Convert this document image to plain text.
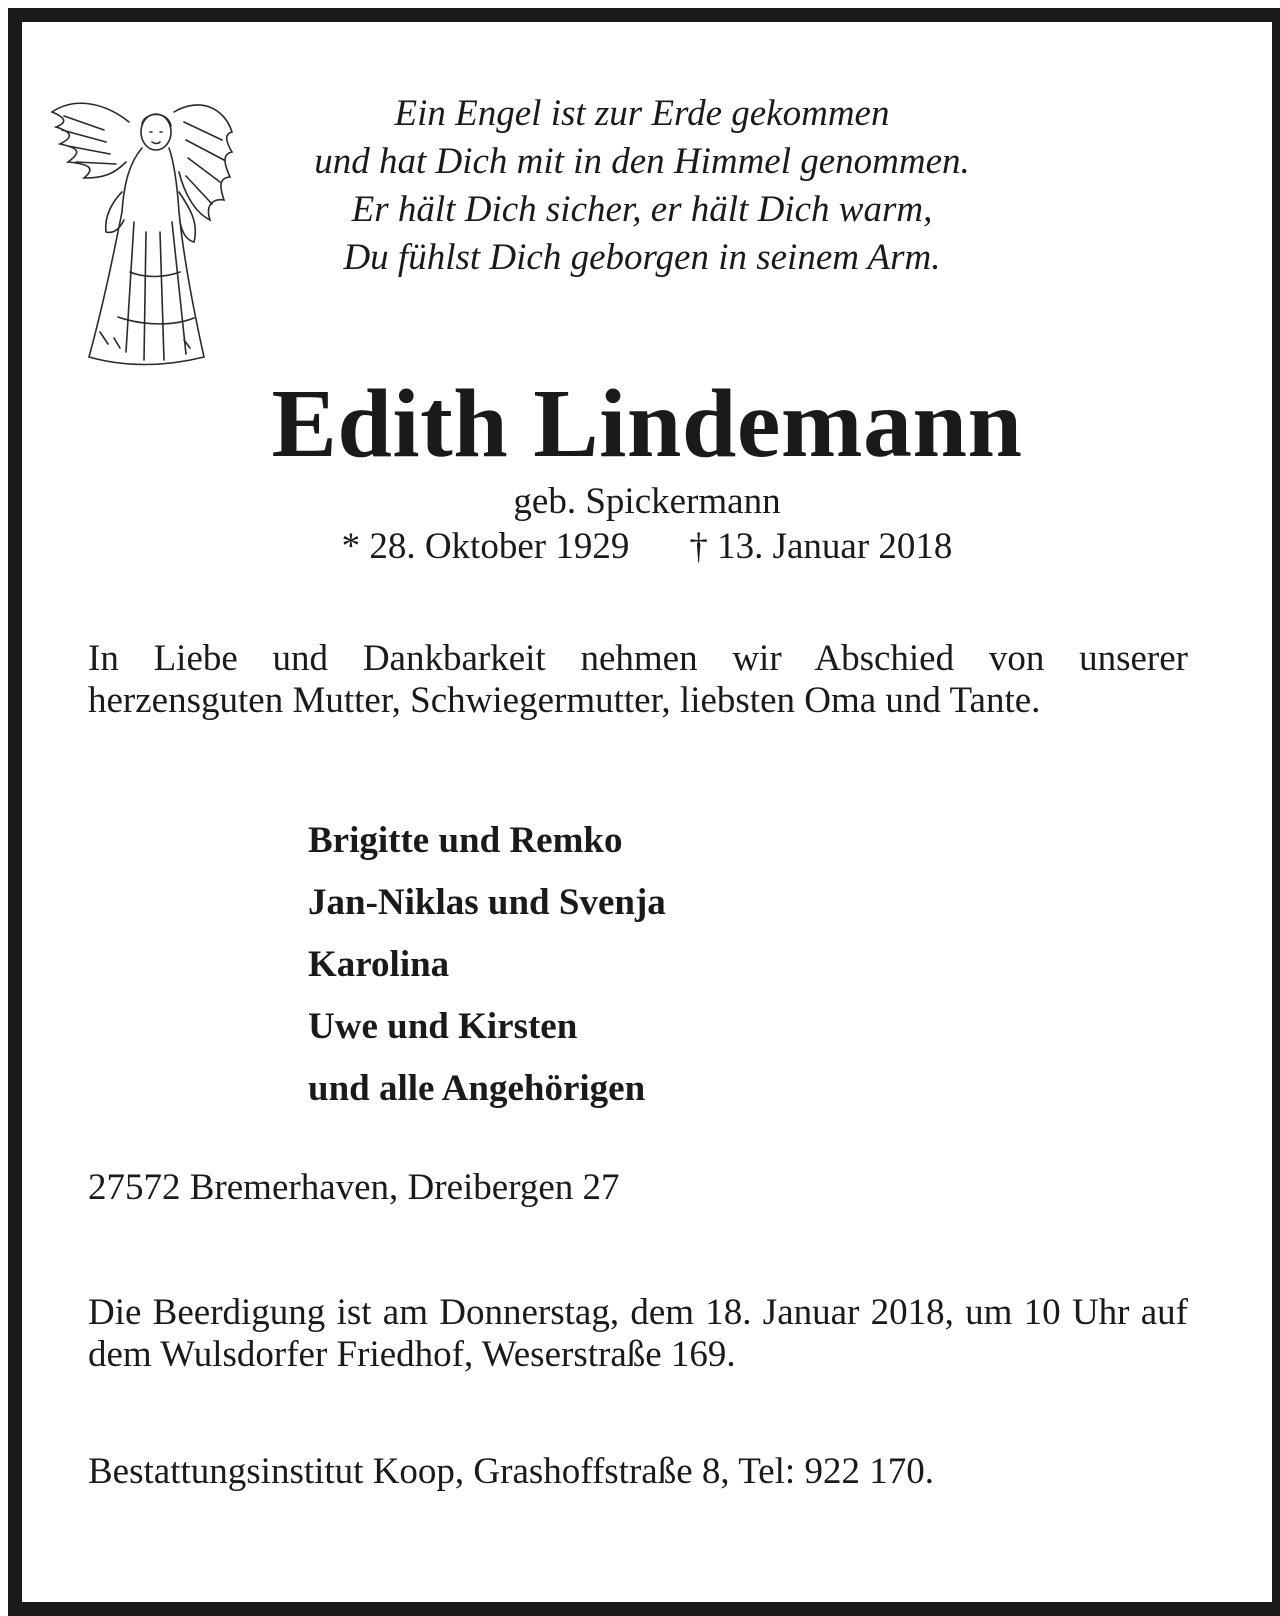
Ein Engel ist zur Erde gekommen
und hat Dich mit in den Himmel genommen.
Er hält Dich sicher, er hält Dich warm,
Du fühlst Dich geborgen in seinem Arm.
Edith Lindemann
geb. Spickermann
* 28. Oktober 1929 † 13. Januar 2018
In Liebe und Dankbarkeit nehmen wir Abschied von unserer herzensguten Mutter, Schwiegermutter, liebsten Oma und Tante.
Brigitte und Remko
Jan-Niklas und Svenja
Karolina
Uwe und Kirsten
und alle Angehörigen
27572 Bremerhaven, Dreibergen 27
Die Beerdigung ist am Donnerstag, dem 18. Januar 2018, um 10 Uhr auf dem Wulsdorfer Friedhof, Weserstraße 169.
Bestattungsinstitut Koop, Grashoffstraße 8, Tel: 922 170.
